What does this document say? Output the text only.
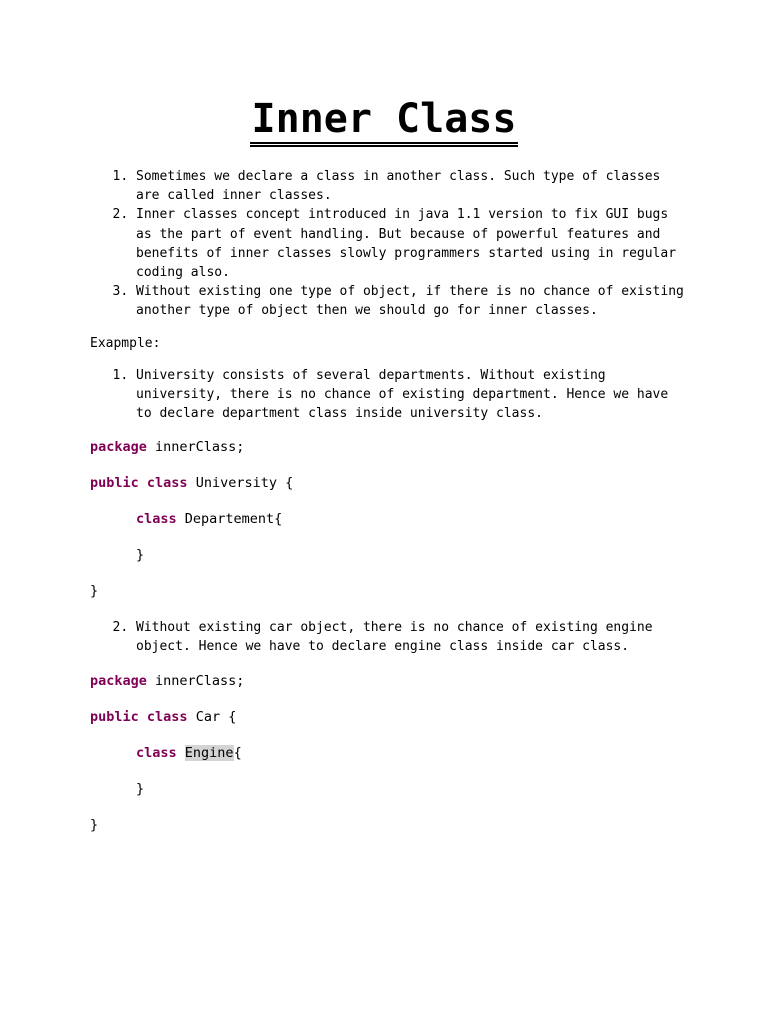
Inner Class
1. Sometimes we declare a class in another class. Such type of classes are called inner classes.
2. Inner classes concept introduced in java 1.1 version to fix GUI bugs as the part of event handling. But because of powerful features and benefits of inner classes slowly programmers started using in regular coding also.
3. Without existing one type of object, if there is no chance of existing another type of object then we should go for inner classes.
Exapmple:
1. University consists of several departments. Without existing university, there is no chance of existing department. Hence we have to declare department class inside university class.
package innerClass;
public class University {
class Departement{
}
}
2. Without existing car object, there is no chance of existing engine object. Hence we have to declare engine class inside car class.
package innerClass;
public class Car {
class Engine{
}
}
